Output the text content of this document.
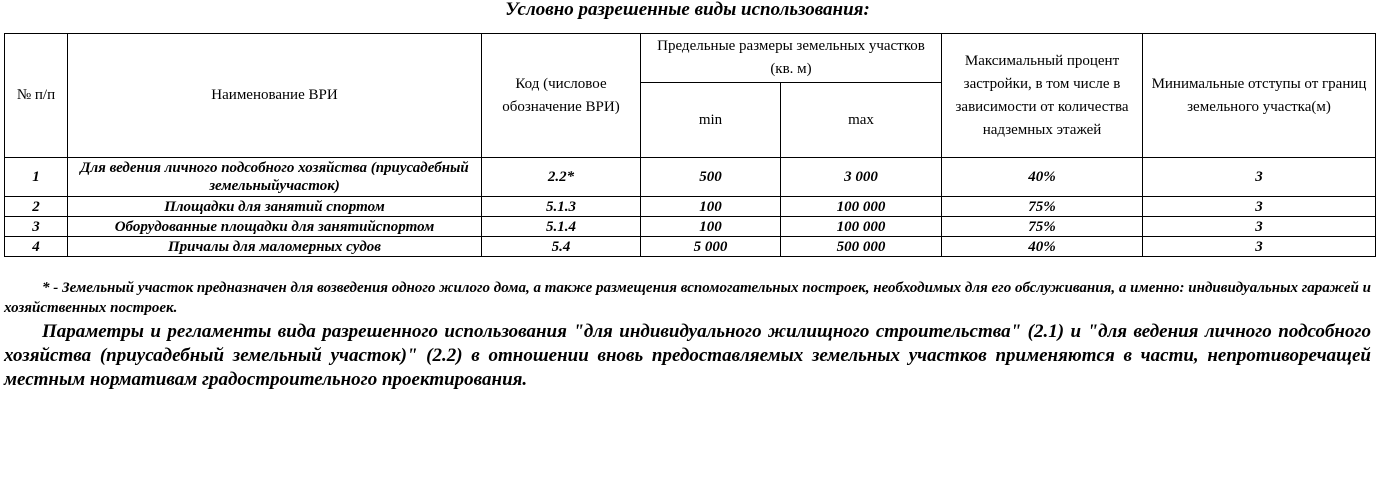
Условно разрешенные виды использования:
№ п/п	Наименование ВРИ	Код (числовое обозначение ВРИ)	Предельные размеры земельных участков (кв. м)		Максимальный процент застройки, в том числе в зависимости от количества надземных этажей	Минимальные отступы от границ земельного участка(м)
			min	max		
1	Для ведения личного подсобного хозяйства (приусадебный земельныйучасток)	2.2*	500	3 000	40%	3
2	Площадки для занятий спортом	5.1.3	100	100 000	75%	3
3	Оборудованные площадки для занятийспортом	5.1.4	100	100 000	75%	3
4	Причалы для маломерных судов	5.4	5 000	500 000	40%	3
* - Земельный участок предназначен для возведения одного жилого дома, а также размещения вспомогательных построек, необходимых для его обслуживания, а именно: индивидуальных гаражей и хозяйственных построек.
Параметры и регламенты вида разрешенного использования "для индивидуального жилищного строительства" (2.1) и "для ведения личного подсобного хозяйства (приусадебный земельный участок)" (2.2) в отношении вновь предоставляемых земельных участков применяются в части, непротиворечащей местным нормативам градостроительного проектирования.
